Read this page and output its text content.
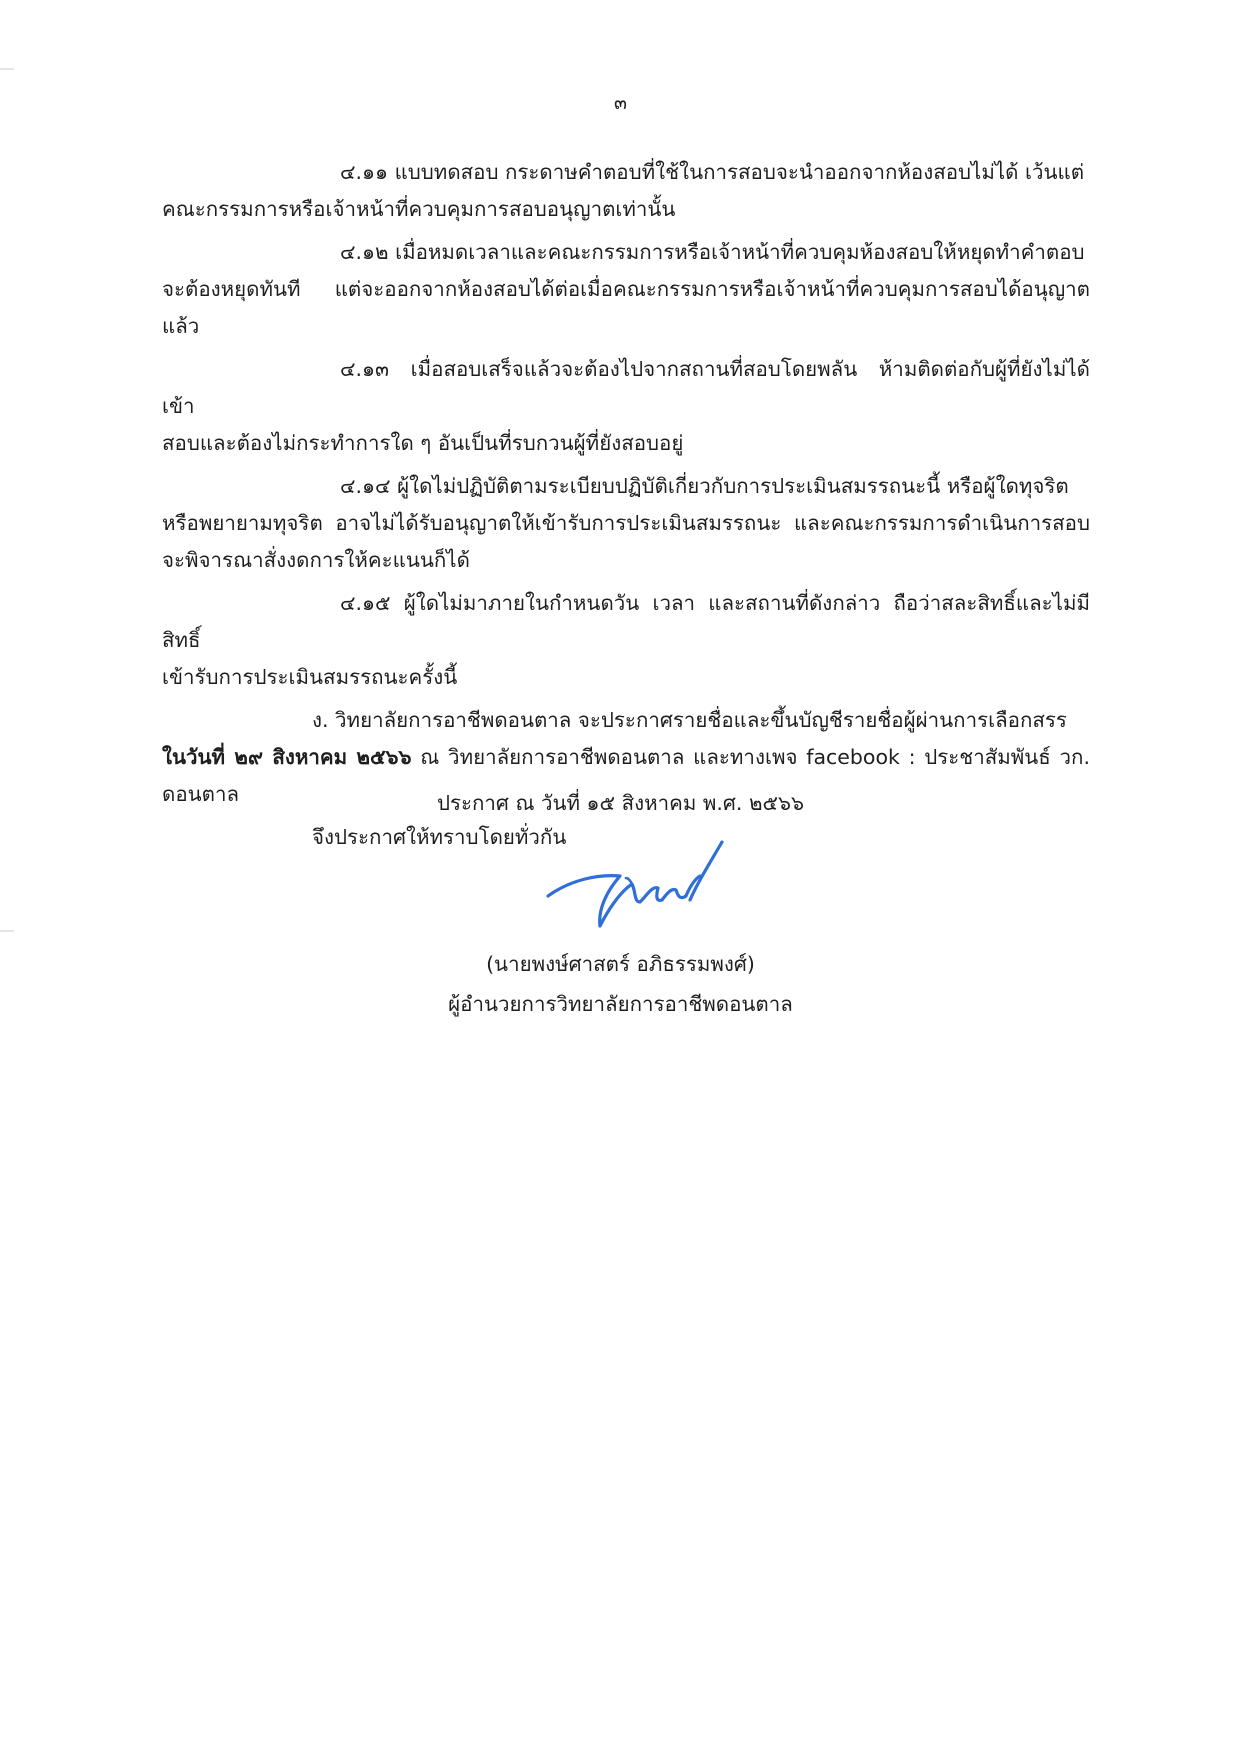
๓

๔.๑๑ แบบทดสอบ กระดาษคำตอบที่ใช้ในการสอบจะนำออกจากห้องสอบไม่ได้ เว้นแต่
คณะกรรมการหรือเจ้าหน้าที่ควบคุมการสอบอนุญาตเท่านั้น

๔.๑๒ เมื่อหมดเวลาและคณะกรรมการหรือเจ้าหน้าที่ควบคุมห้องสอบให้หยุดทำคำตอบ
จะต้องหยุดทันที แต่จะออกจากห้องสอบได้ต่อเมื่อคณะกรรมการหรือเจ้าหน้าที่ควบคุมการสอบได้อนุญาตแล้ว

๔.๑๓ เมื่อสอบเสร็จแล้วจะต้องไปจากสถานที่สอบโดยพลัน ห้ามติดต่อกับผู้ที่ยังไม่ได้เข้า
สอบและต้องไม่กระทำการใด ๆ อันเป็นที่รบกวนผู้ที่ยังสอบอยู่

๔.๑๔ ผู้ใดไม่ปฏิบัติตามระเบียบปฏิบัติเกี่ยวกับการประเมินสมรรถนะนี้ หรือผู้ใดทุจริต
หรือพยายามทุจริต อาจไม่ได้รับอนุญาตให้เข้ารับการประเมินสมรรถนะ และคณะกรรมการดำเนินการสอบจะพิจารณาสั่งงดการให้คะแนนก็ได้

๔.๑๕ ผู้ใดไม่มาภายในกำหนดวัน เวลา และสถานที่ดังกล่าว ถือว่าสละสิทธิ์และไม่มีสิทธิ์
เข้ารับการประเมินสมรรถนะครั้งนี้

ง. วิทยาลัยการอาชีพดอนตาล จะประกาศรายชื่อและขึ้นบัญชีรายชื่อผู้ผ่านการเลือกสรร
ในวันที่ ๒๙ สิงหาคม ๒๕๖๖ ณ วิทยาลัยการอาชีพดอนตาล และทางเพจ facebook : ประชาสัมพันธ์ วก. ดอนตาล

จึงประกาศให้ทราบโดยทั่วกัน

ประกาศ ณ วันที่ ๑๕ สิงหาคม พ.ศ. ๒๕๖๖
(นายพงษ์ศาสตร์ อภิธรรมพงศ์)
ผู้อำนวยการวิทยาลัยการอาชีพดอนตาล
